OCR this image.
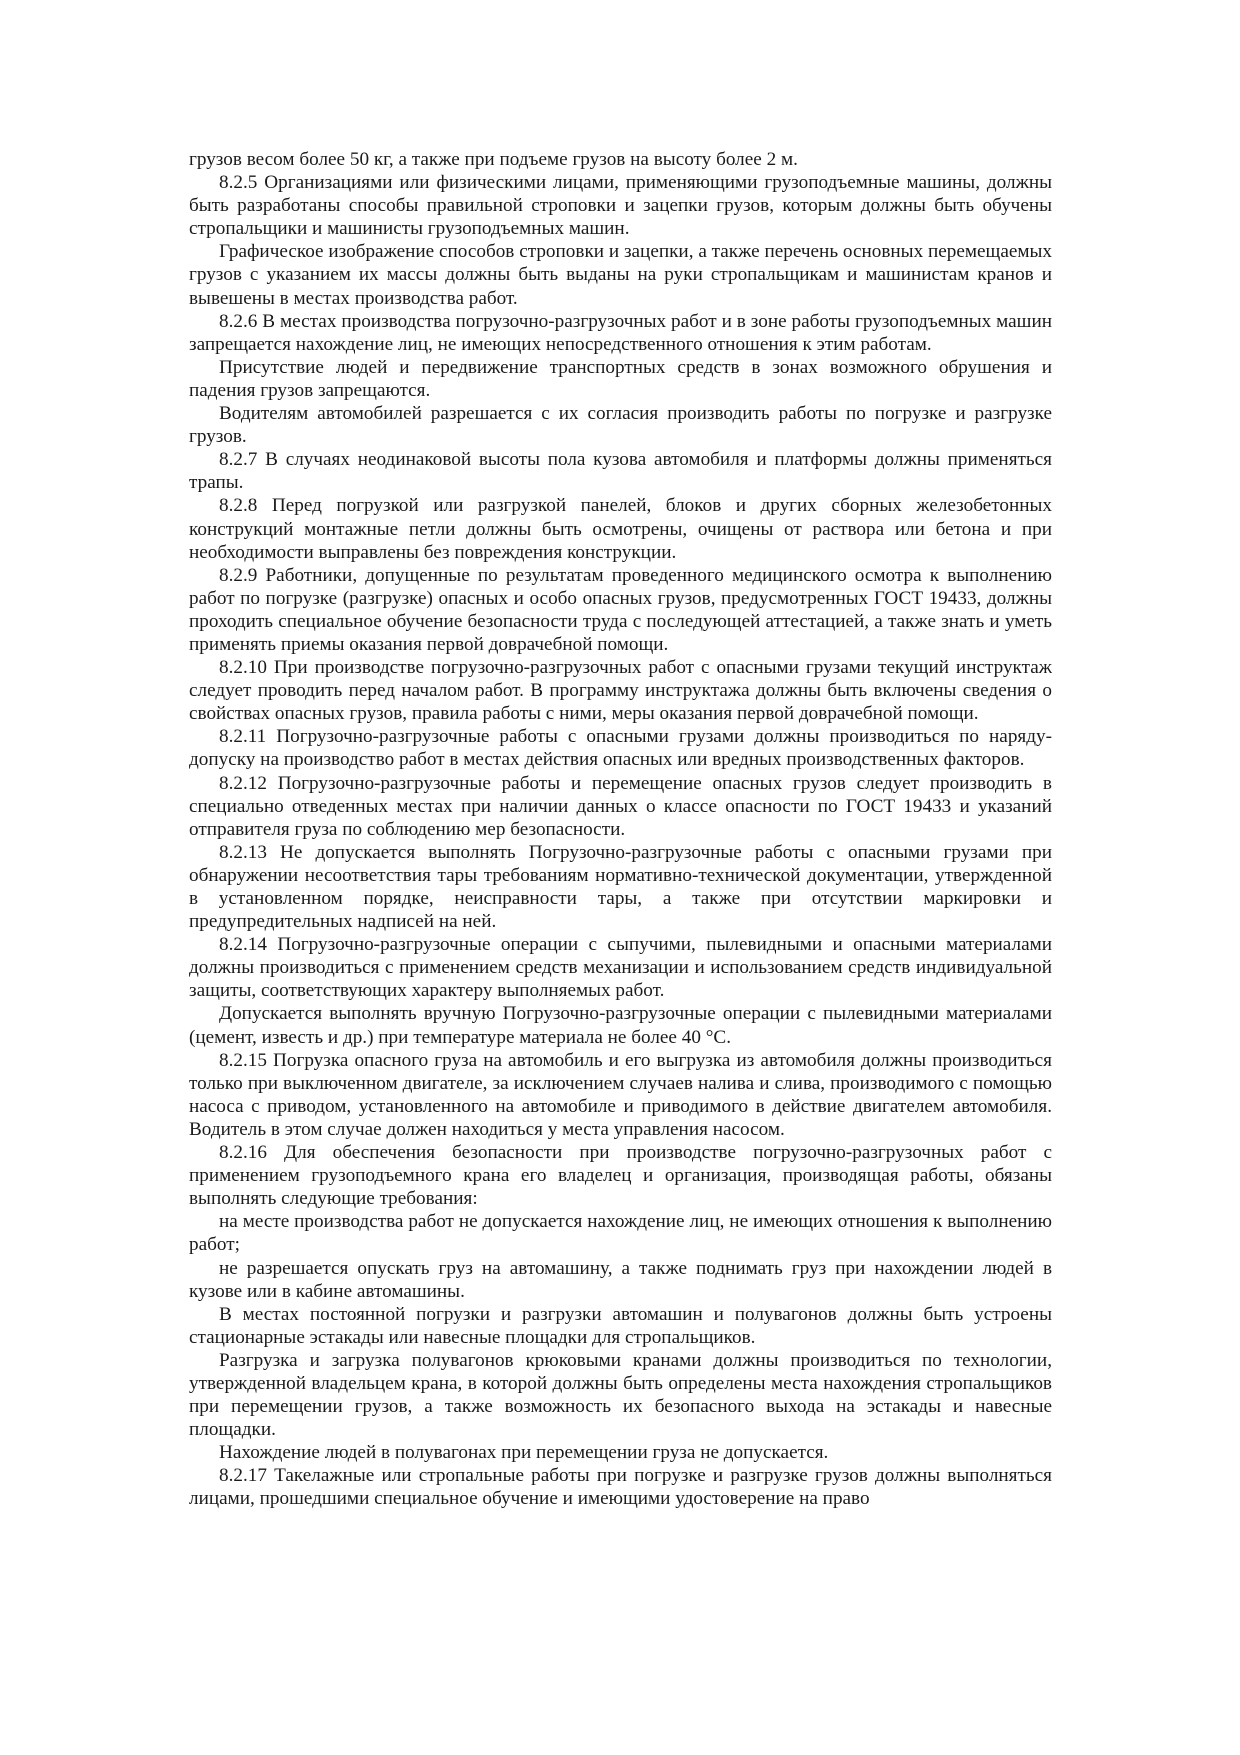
грузов весом более 50 кг, а также при подъеме грузов на высоту более 2 м.

8.2.5 Организациями или физическими лицами, применяющими грузоподъемные машины, должны быть разработаны способы правильной строповки и зацепки грузов, которым должны быть обучены стропальщики и машинисты грузоподъемных машин.

Графическое изображение способов строповки и зацепки, а также перечень основных перемещаемых грузов с указанием их массы должны быть выданы на руки стропальщикам и машинистам кранов и вывешены в местах производства работ.

8.2.6 В местах производства погрузочно-разгрузочных работ и в зоне работы грузоподъемных машин запрещается нахождение лиц, не имеющих непосредственного отношения к этим работам.

Присутствие людей и передвижение транспортных средств в зонах возможного обрушения и падения грузов запрещаются.

Водителям автомобилей разрешается с их согласия производить работы по погрузке и разгрузке грузов.

8.2.7 В случаях неодинаковой высоты пола кузова автомобиля и платформы должны применяться трапы.

8.2.8 Перед погрузкой или разгрузкой панелей, блоков и других сборных железобетонных конструкций монтажные петли должны быть осмотрены, очищены от раствора или бетона и при необходимости выправлены без повреждения конструкции.

8.2.9 Работники, допущенные по результатам проведенного медицинского осмотра к выполнению работ по погрузке (разгрузке) опасных и особо опасных грузов, предусмотренных ГОСТ 19433, должны проходить специальное обучение безопасности труда с последующей аттестацией, а также знать и уметь применять приемы оказания первой доврачебной помощи.

8.2.10 При производстве погрузочно-разгрузочных работ с опасными грузами текущий инструктаж следует проводить перед началом работ. В программу инструктажа должны быть включены сведения о свойствах опасных грузов, правила работы с ними, меры оказания первой доврачебной помощи.

8.2.11 Погрузочно-разгрузочные работы с опасными грузами должны производиться по наряду-допуску на производство работ в местах действия опасных или вредных производственных факторов.

8.2.12 Погрузочно-разгрузочные работы и перемещение опасных грузов следует производить в специально отведенных местах при наличии данных о классе опасности по ГОСТ 19433 и указаний отправителя груза по соблюдению мер безопасности.

8.2.13 Не допускается выполнять Погрузочно-разгрузочные работы с опасными грузами при обнаружении несоответствия тары требованиям нормативно-технической документации, утвержденной в установленном порядке, неисправности тары, а также при отсутствии маркировки и предупредительных надписей на ней.

8.2.14 Погрузочно-разгрузочные операции с сыпучими, пылевидными и опасными материалами должны производиться с применением средств механизации и использованием средств индивидуальной защиты, соответствующих характеру выполняемых работ.

Допускается выполнять вручную Погрузочно-разгрузочные операции с пылевидными материалами (цемент, известь и др.) при температуре материала не более 40 °С.

8.2.15 Погрузка опасного груза на автомобиль и его выгрузка из автомобиля должны производиться только при выключенном двигателе, за исключением случаев налива и слива, производимого с помощью насоса с приводом, установленного на автомобиле и приводимого в действие двигателем автомобиля. Водитель в этом случае должен находиться у места управления насосом.

8.2.16 Для обеспечения безопасности при производстве погрузочно-разгрузочных работ с применением грузоподъемного крана его владелец и организация, производящая работы, обязаны выполнять следующие требования:

на месте производства работ не допускается нахождение лиц, не имеющих отношения к выполнению работ;

не разрешается опускать груз на автомашину, а также поднимать груз при нахождении людей в кузове или в кабине автомашины.

В местах постоянной погрузки и разгрузки автомашин и полувагонов должны быть устроены стационарные эстакады или навесные площадки для стропальщиков.

Разгрузка и загрузка полувагонов крюковыми кранами должны производиться по технологии, утвержденной владельцем крана, в которой должны быть определены места нахождения стропальщиков при перемещении грузов, а также возможность их безопасного выхода на эстакады и навесные площадки.

Нахождение людей в полувагонах при перемещении груза не допускается.

8.2.17 Такелажные или стропальные работы при погрузке и разгрузке грузов должны выполняться лицами, прошедшими специальное обучение и имеющими удостоверение на право
